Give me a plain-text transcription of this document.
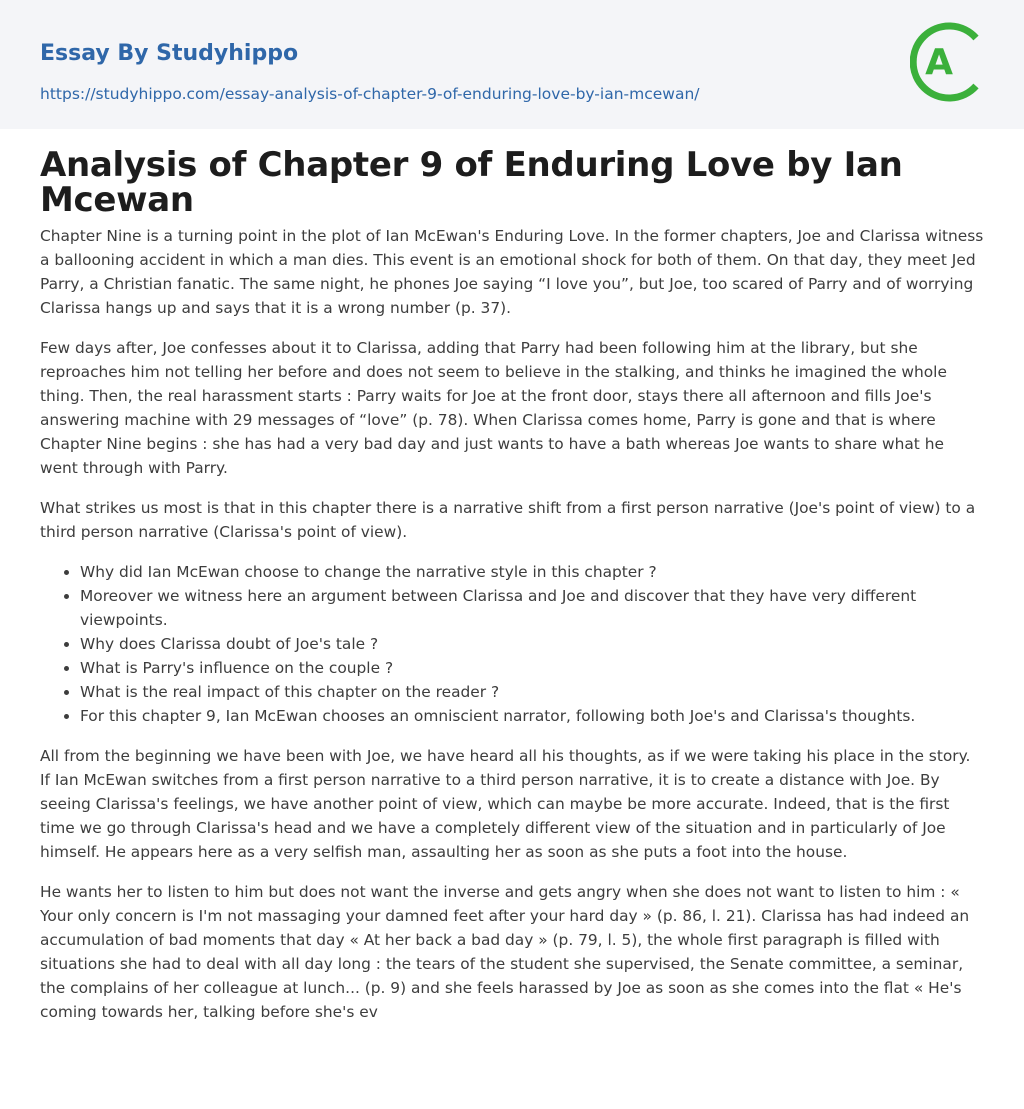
Essay By Studyhippo
https://studyhippo.com/essay-analysis-of-chapter-9-of-enduring-love-by-ian-mcewan/
A
Analysis of Chapter 9 of Enduring Love by Ian Mcewan

Chapter Nine is a turning point in the plot of Ian McEwan's Enduring Love. In the former chapters, Joe and Clarissa witness a ballooning accident in which a man dies. This event is an emotional shock for both of them. On that day, they meet Jed Parry, a Christian fanatic. The same night, he phones Joe saying “I love you”, but Joe, too scared of Parry and of worrying Clarissa hangs up and says that it is a wrong number (p. 37).

Few days after, Joe confesses about it to Clarissa, adding that Parry had been following him at the library, but she reproaches him not telling her before and does not seem to believe in the stalking, and thinks he imagined the whole thing. Then, the real harassment starts : Parry waits for Joe at the front door, stays there all afternoon and fills Joe's answering machine with 29 messages of “love” (p. 78). When Clarissa comes home, Parry is gone and that is where Chapter Nine begins : she has had a very bad day and just wants to have a bath whereas Joe wants to share what he went through with Parry.

What strikes us most is that in this chapter there is a narrative shift from a first person narrative (Joe's point of view) to a third person narrative (Clarissa's point of view).

• Why did Ian McEwan choose to change the narrative style in this chapter ?
• Moreover we witness here an argument between Clarissa and Joe and discover that they have very different viewpoints.
• Why does Clarissa doubt of Joe's tale ?
• What is Parry's influence on the couple ?
• What is the real impact of this chapter on the reader ?
• For this chapter 9, Ian McEwan chooses an omniscient narrator, following both Joe's and Clarissa's thoughts.

All from the beginning we have been with Joe, we have heard all his thoughts, as if we were taking his place in the story. If Ian McEwan switches from a first person narrative to a third person narrative, it is to create a distance with Joe. By seeing Clarissa's feelings, we have another point of view, which can maybe be more accurate. Indeed, that is the first time we go through Clarissa's head and we have a completely different view of the situation and in particularly of Joe himself. He appears here as a very selfish man, assaulting her as soon as she puts a foot into the house.

He wants her to listen to him but does not want the inverse and gets angry when she does not want to listen to him : « Your only concern is I'm not massaging your damned feet after your hard day » (p. 86, l. 21). Clarissa has had indeed an accumulation of bad moments that day « At her back a bad day » (p. 79, l. 5), the whole first paragraph is filled with situations she had to deal with all day long : the tears of the student she supervised, the Senate committee, a seminar, the complains of her colleague at lunch... (p. 9) and she feels harassed by Joe as soon as she comes into the flat « He's coming towards her, talking before she's ev
